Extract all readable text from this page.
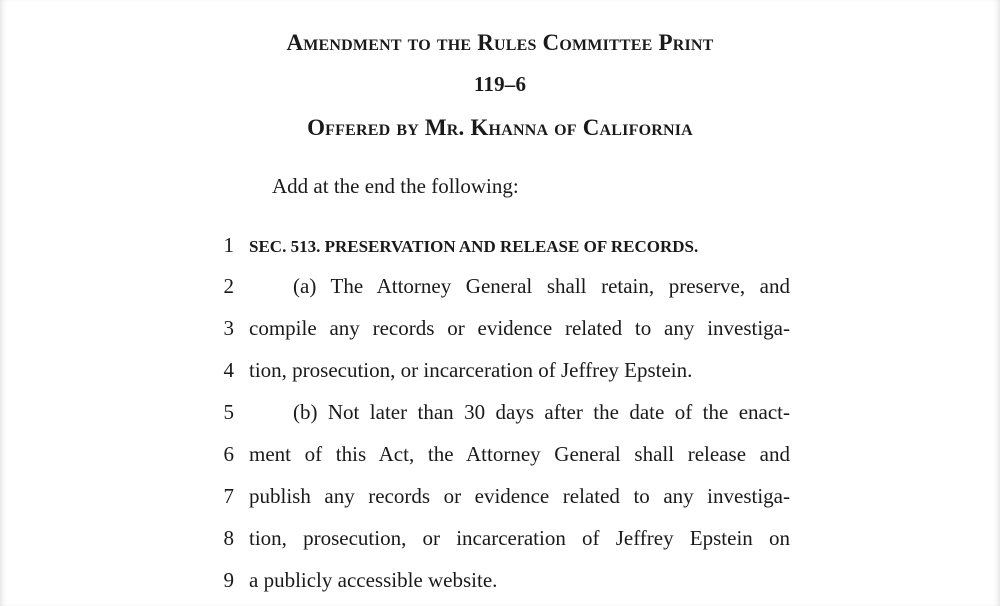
Amendment to the Rules Committee Print
119–6
Offered by Mr. Khanna of California
Add at the end the following:
1 SEC. 513. PRESERVATION AND RELEASE OF RECORDS.
2	(a) The Attorney General shall retain, preserve, and
3 compile any records or evidence related to any investiga-
4 tion, prosecution, or incarceration of Jeffrey Epstein.
5	(b) Not later than 30 days after the date of the enact-
6 ment of this Act, the Attorney General shall release and
7 publish any records or evidence related to any investiga-
8 tion, prosecution, or incarceration of Jeffrey Epstein on
9 a publicly accessible website.
